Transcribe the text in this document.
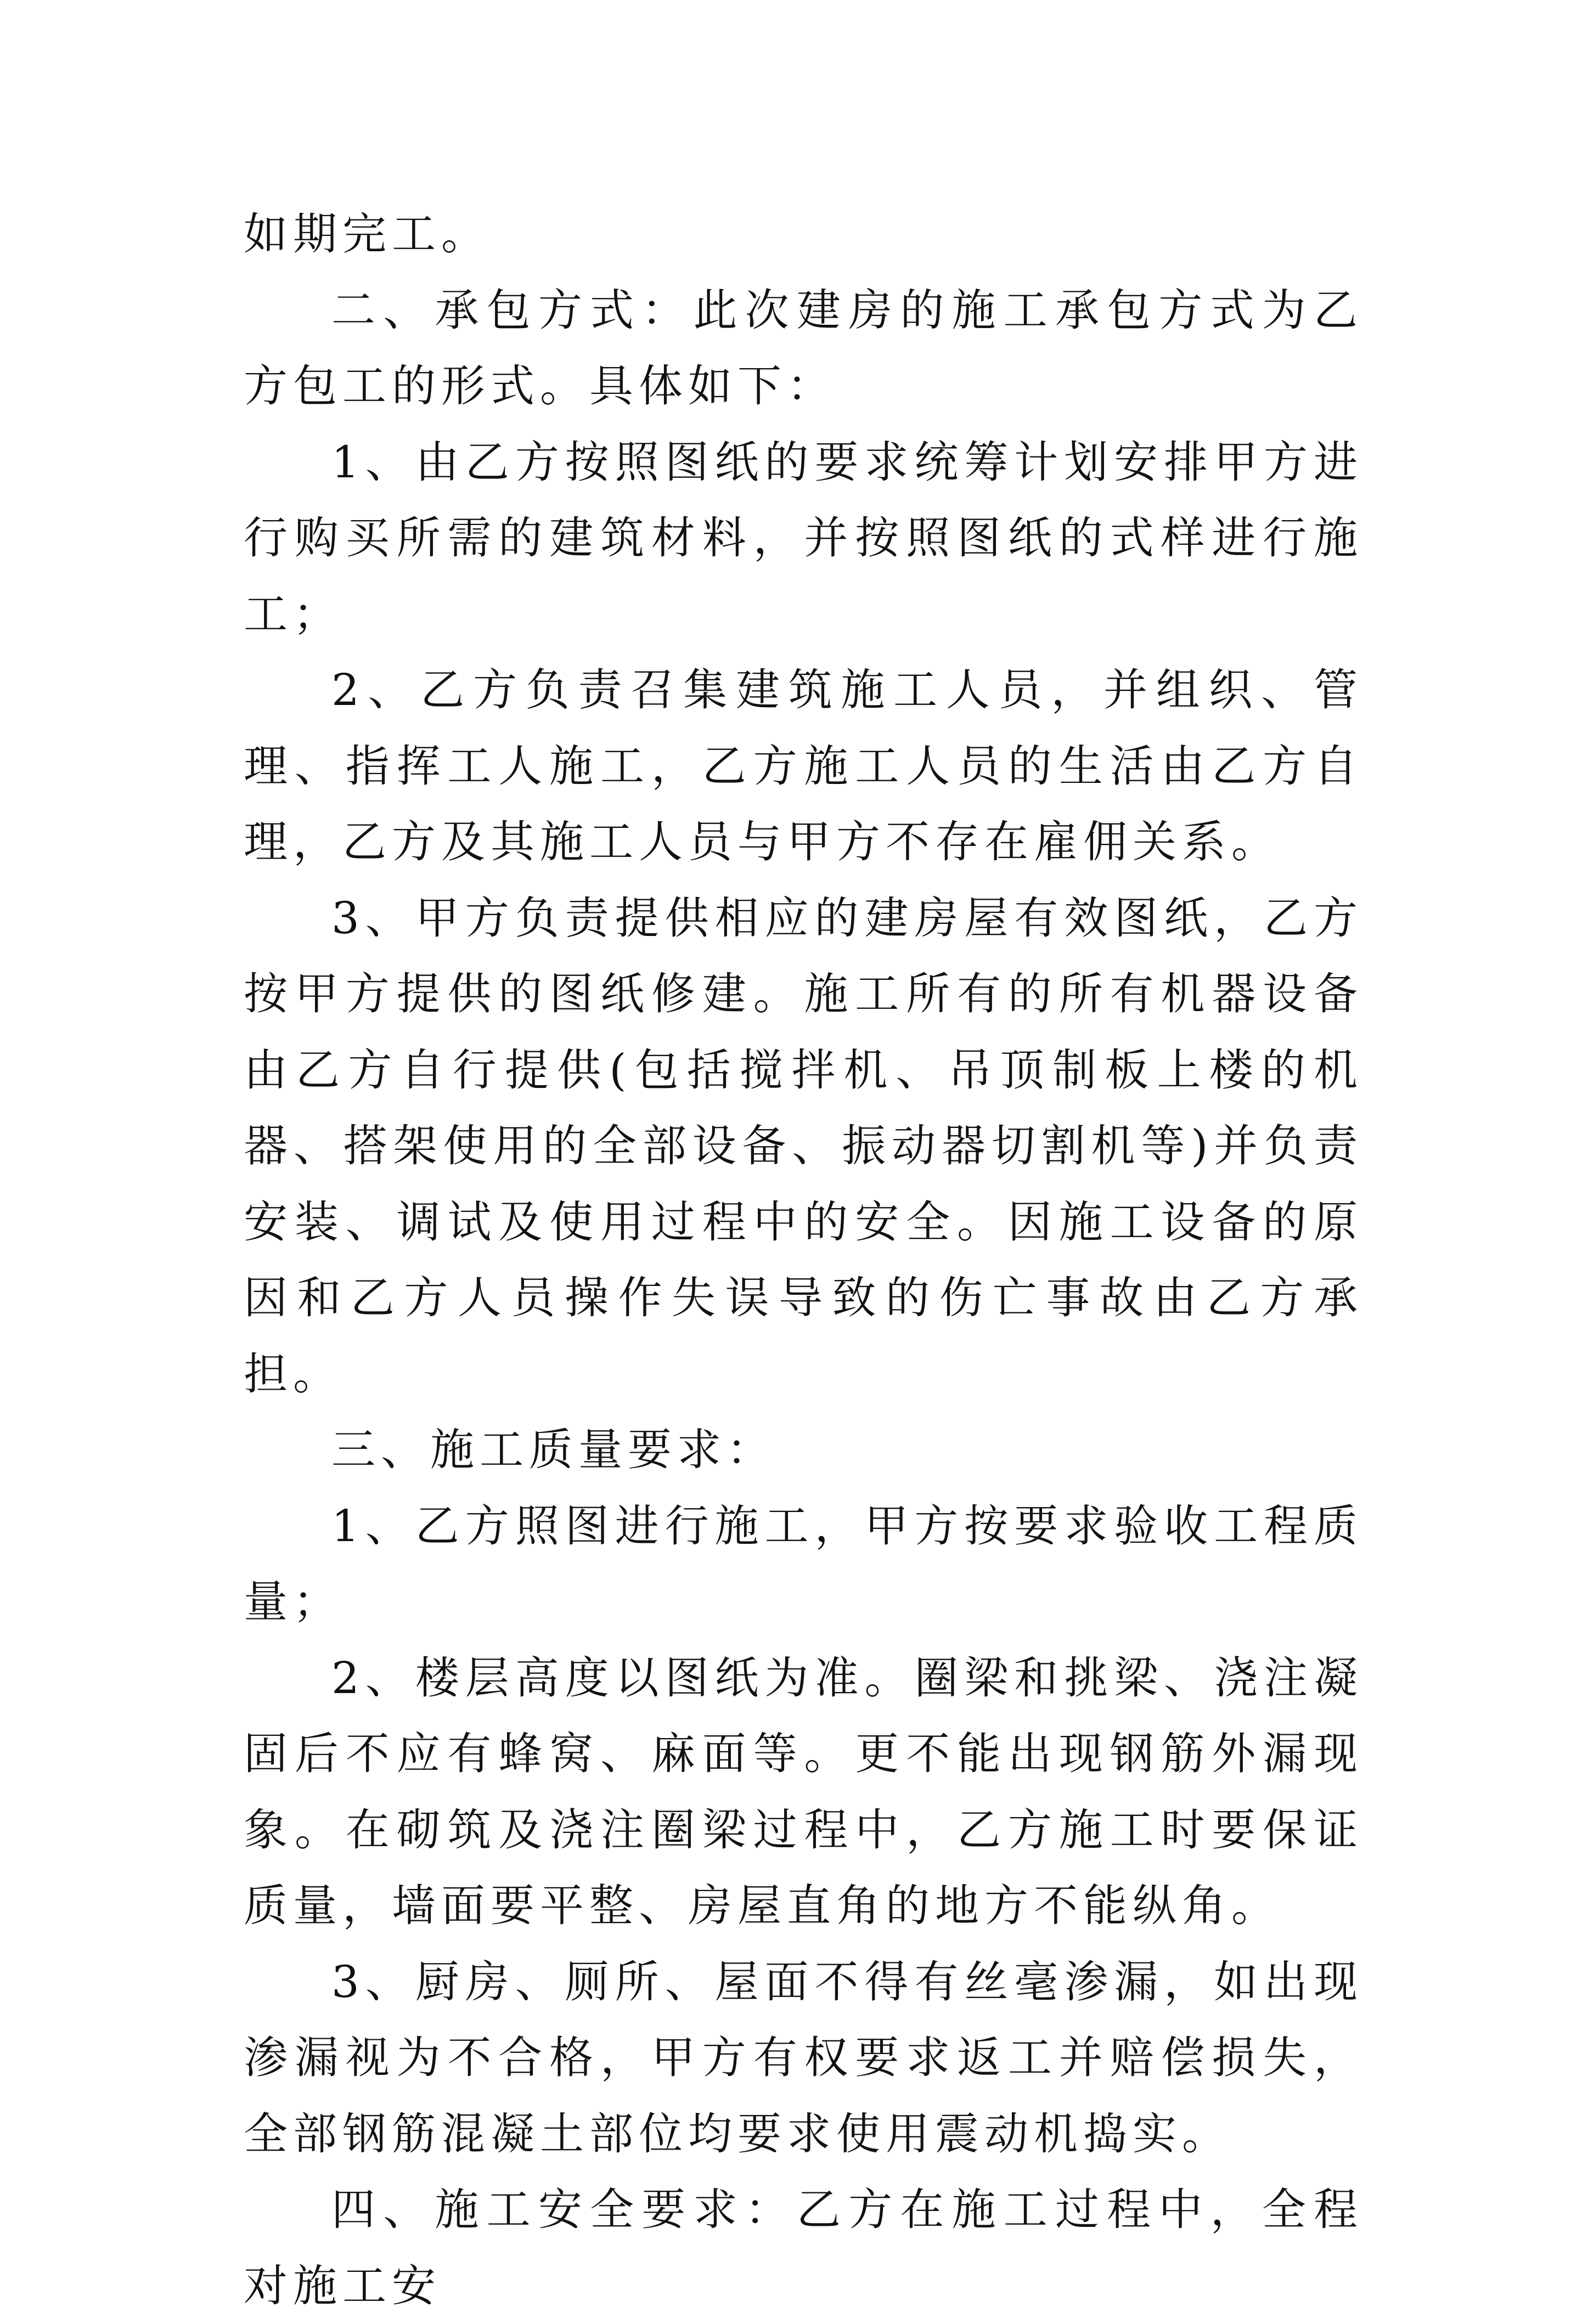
如期完工。

二、承包方式：此次建房的施工承包方式为乙方包工的形式。具体如下：

1、由乙方按照图纸的要求统筹计划安排甲方进行购买所需的建筑材料，并按照图纸的式样进行施工；

2、乙方负责召集建筑施工人员，并组织、管理、指挥工人施工，乙方施工人员的生活由乙方自理，乙方及其施工人员与甲方不存在雇佣关系。

3、甲方负责提供相应的建房屋有效图纸，乙方按甲方提供的图纸修建。施工所有的所有机器设备由乙方自行提供(包括搅拌机、吊顶制板上楼的机器、搭架使用的全部设备、振动器切割机等)并负责安装、调试及使用过程中的安全。因施工设备的原因和乙方人员操作失误导致的伤亡事故由乙方承担。

三、施工质量要求：

1、乙方照图进行施工，甲方按要求验收工程质量；

2、楼层高度以图纸为准。圈梁和挑梁、浇注凝固后不应有蜂窝、麻面等。更不能出现钢筋外漏现象。在砌筑及浇注圈梁过程中，乙方施工时要保证质量，墙面要平整、房屋直角的地方不能纵角。

3、厨房、厕所、屋面不得有丝毫渗漏，如出现渗漏视为不合格，甲方有权要求返工并赔偿损失，全部钢筋混凝土部位均要求使用震动机捣实。

四、施工安全要求：乙方在施工过程中，全程对施工安
